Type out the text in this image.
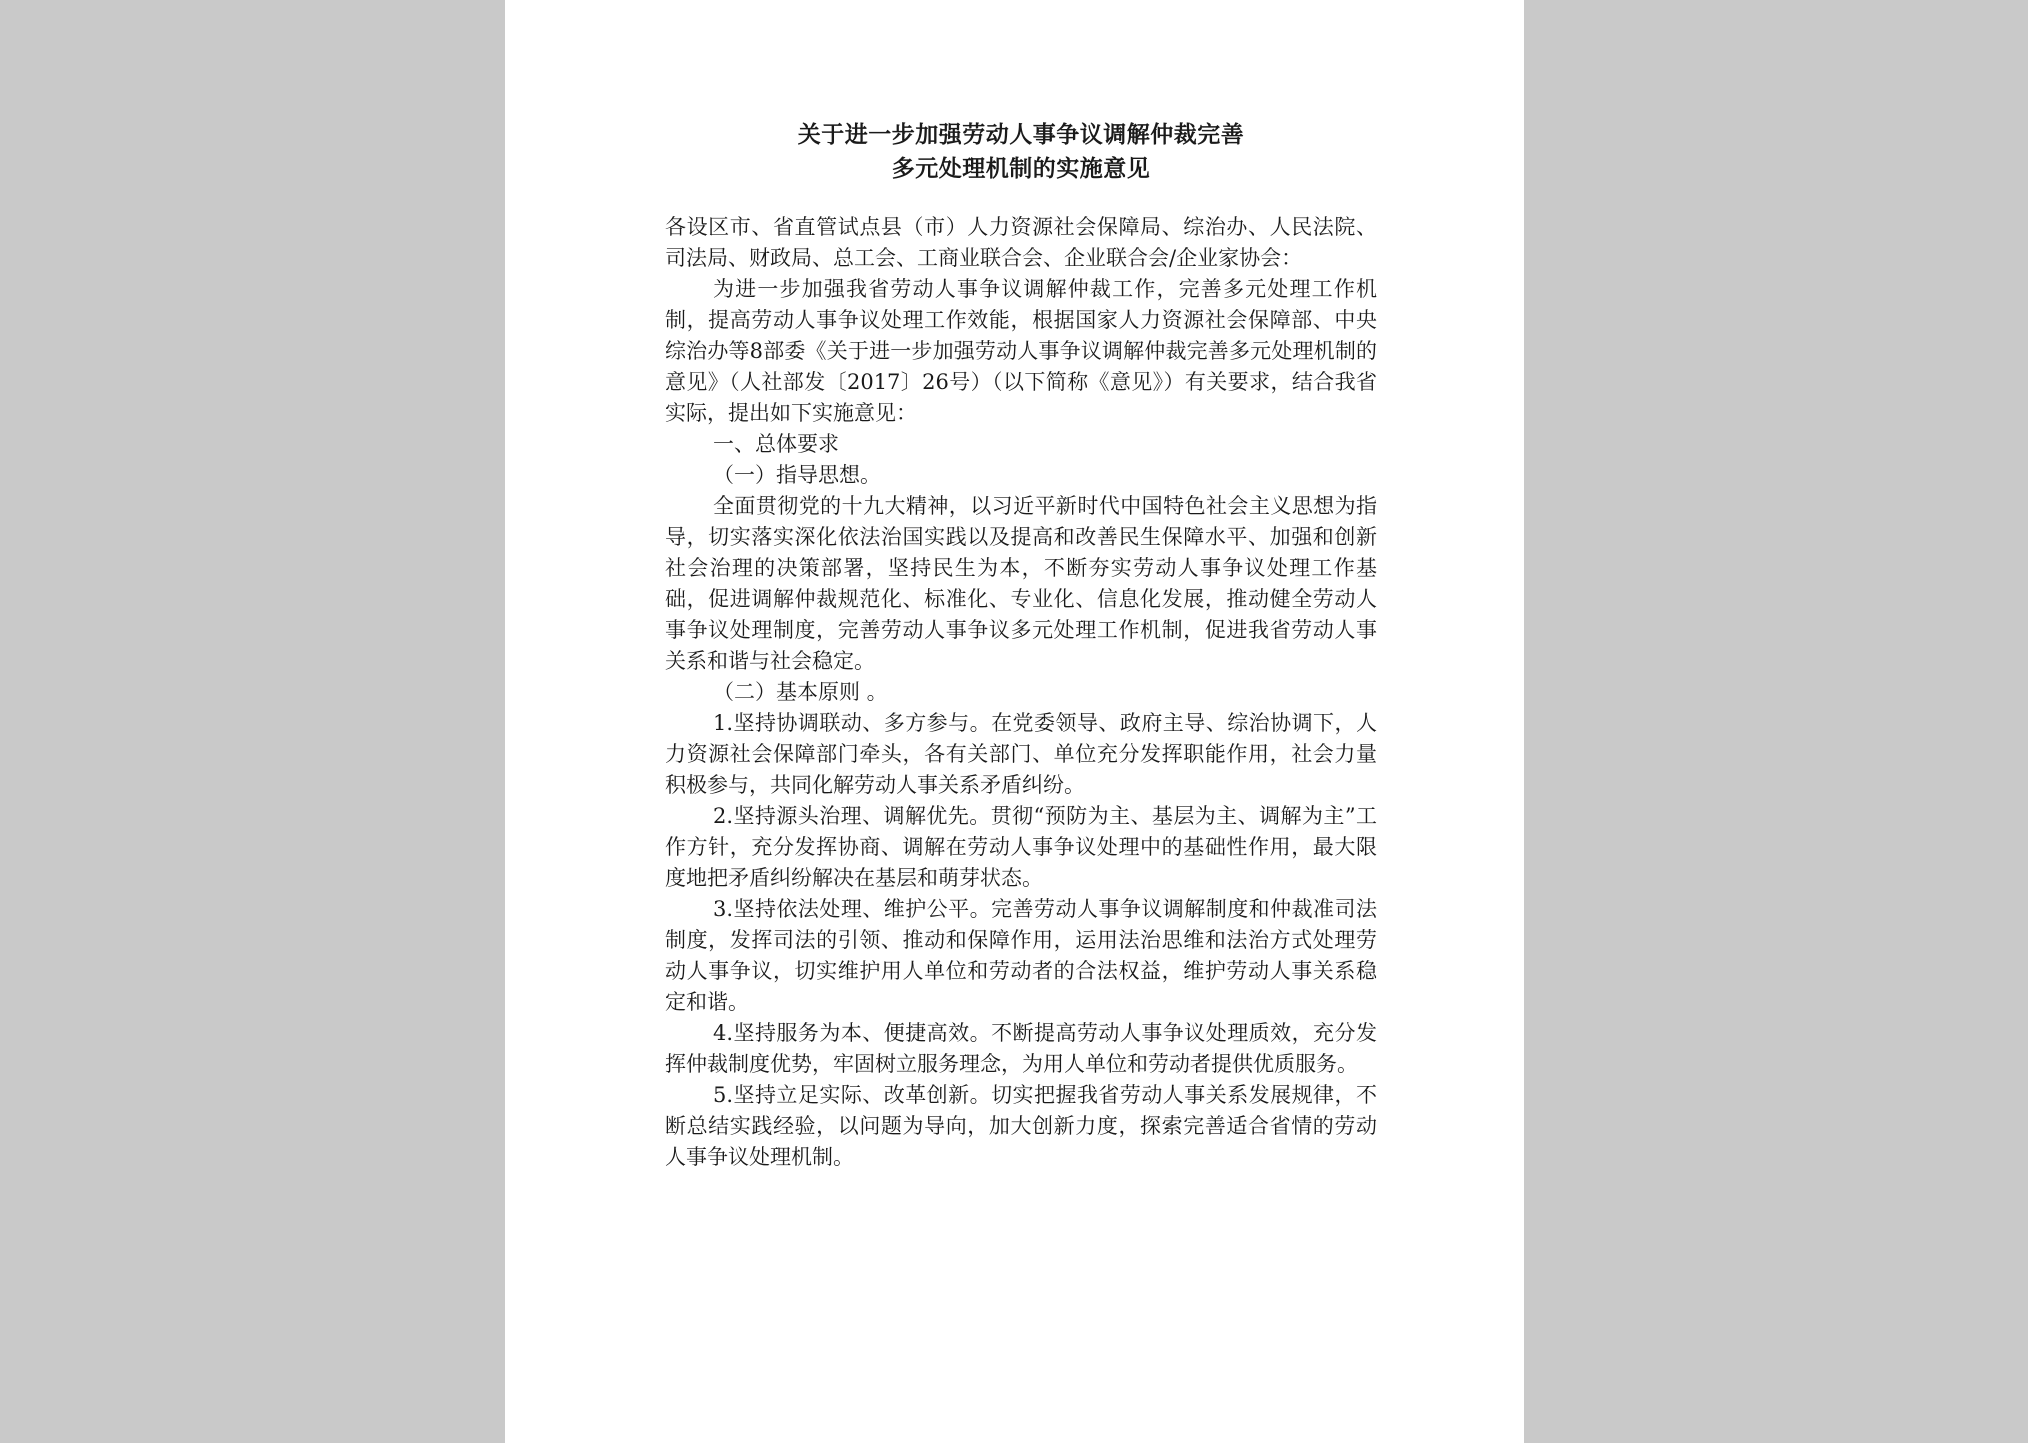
关于进一步加强劳动人事争议调解仲裁完善
多元处理机制的实施意见

各设区市、省直管试点县（市）人力资源社会保障局、综治办、人民法院、司法局、财政局、总工会、工商业联合会、企业联合会/企业家协会：

为进一步加强我省劳动人事争议调解仲裁工作，完善多元处理工作机制，提高劳动人事争议处理工作效能，根据国家人力资源社会保障部、中央综治办等8部委《关于进一步加强劳动人事争议调解仲裁完善多元处理机制的意见》（人社部发〔2017〕26号）（以下简称《意见》）有关要求，结合我省实际，提出如下实施意见：

一、总体要求

（一）指导思想。

全面贯彻党的十九大精神，以习近平新时代中国特色社会主义思想为指导，切实落实深化依法治国实践以及提高和改善民生保障水平、加强和创新社会治理的决策部署，坚持民生为本，不断夯实劳动人事争议处理工作基础，促进调解仲裁规范化、标准化、专业化、信息化发展，推动健全劳动人事争议处理制度，完善劳动人事争议多元处理工作机制，促进我省劳动人事关系和谐与社会稳定。

（二）基本原则 。

1.坚持协调联动、多方参与。在党委领导、政府主导、综治协调下，人力资源社会保障部门牵头，各有关部门、单位充分发挥职能作用，社会力量积极参与，共同化解劳动人事关系矛盾纠纷。

2.坚持源头治理、调解优先。贯彻“预防为主、基层为主、调解为主”工作方针，充分发挥协商、调解在劳动人事争议处理中的基础性作用，最大限度地把矛盾纠纷解决在基层和萌芽状态。

3.坚持依法处理、维护公平。完善劳动人事争议调解制度和仲裁准司法制度，发挥司法的引领、推动和保障作用，运用法治思维和法治方式处理劳动人事争议，切实维护用人单位和劳动者的合法权益，维护劳动人事关系稳定和谐。

4.坚持服务为本、便捷高效。不断提高劳动人事争议处理质效，充分发挥仲裁制度优势，牢固树立服务理念，为用人单位和劳动者提供优质服务。

5.坚持立足实际、改革创新。切实把握我省劳动人事关系发展规律，不断总结实践经验，以问题为导向，加大创新力度，探索完善适合省情的劳动人事争议处理机制。
